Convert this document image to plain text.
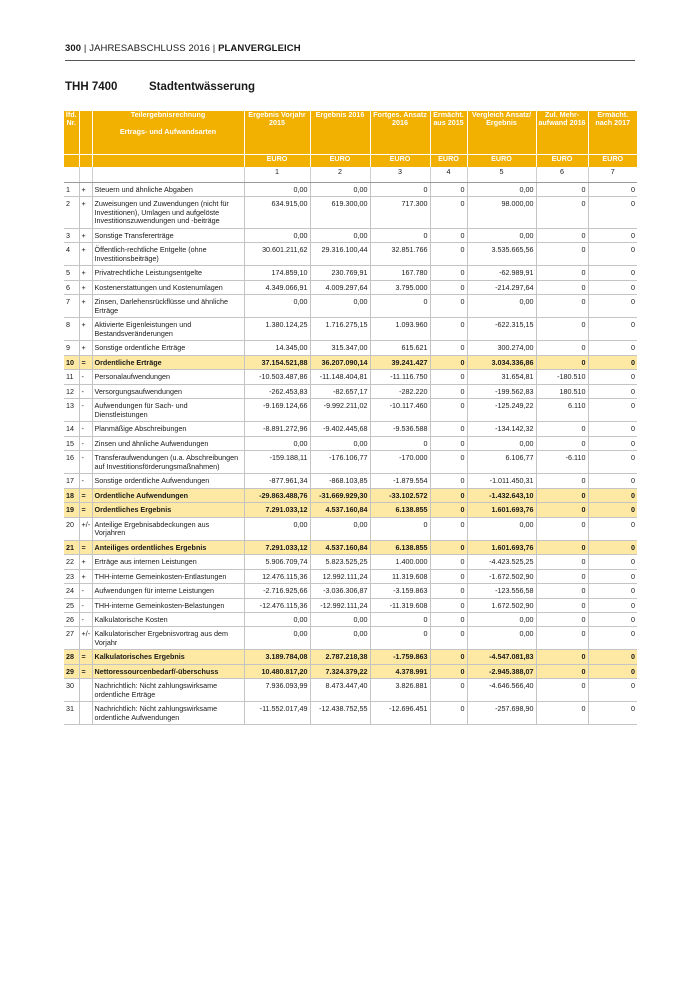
300 | JAHRESABSCHLUSS 2016 | PLANVERGLEICH
THH 7400	Stadtentwässerung
lfd. Nr.		Teilergebnisrechnung

Ertrags- und Aufwandsarten	Ergebnis Vorjahr 2015	Ergebnis 2016	Fortges. Ansatz 2016	Ermächt. aus 2015	Vergleich Ansatz/ Ergebnis	Zul. Mehr-aufwand 2016	Ermächt. nach 2017
			EURO	EURO	EURO	EURO	EURO	EURO	EURO
			1	2	3	4	5	6	7
1	+	Steuern und ähnliche Abgaben	0,00	0,00	0	0	0,00	0	0
2	+	Zuweisungen und Zuwendungen (nicht für Investitionen), Umlagen und aufgelöste Investitionszuwendungen und -beiträge	634.915,00	619.300,00	717.300	0	98.000,00	0	0
3	+	Sonstige Transfererträge	0,00	0,00	0	0	0,00	0	0
4	+	Öffentlich-rechtliche Entgelte (ohne Investitionsbeiträge)	30.601.211,62	29.316.100,44	32.851.766	0	3.535.665,56	0	0
5	+	Privatrechtliche Leistungsentgelte	174.859,10	230.769,91	167.780	0	-62.989,91	0	0
6	+	Kostenerstattungen und Kostenumlagen	4.349.066,91	4.009.297,64	3.795.000	0	-214.297,64	0	0
7	+	Zinsen, Darlehensrückflüsse und ähnliche Erträge	0,00	0,00	0	0	0,00	0	0
8	+	Aktivierte Eigenleistungen und Bestandsveränderungen	1.380.124,25	1.716.275,15	1.093.960	0	-622.315,15	0	0
9	+	Sonstige ordentliche Erträge	14.345,00	315.347,00	615.621	0	300.274,00	0	0
10	=	Ordentliche Erträge	37.154.521,88	36.207.090,14	39.241.427	0	3.034.336,86	0	0
11	-	Personalaufwendungen	-10.503.487,86	-11.148.404,81	-11.116.750	0	31.654,81	-180.510	0
12	-	Versorgungsaufwendungen	-262.453,83	-82.657,17	-282.220	0	-199.562,83	180.510	0
13	-	Aufwendungen für Sach- und Dienstleistungen	-9.169.124,66	-9.992.211,02	-10.117.460	0	-125.249,22	6.110	0
14	-	Planmäßige Abschreibungen	-8.891.272,96	-9.402.445,68	-9.536.588	0	-134.142,32	0	0
15	-	Zinsen und ähnliche Aufwendungen	0,00	0,00	0	0	0,00	0	0
16	-	Transferaufwendungen (u.a. Abschreibungen auf Investitionsförderungsmaßnahmen)	-159.188,11	-176.106,77	-170.000	0	6.106,77	-6.110	0
17	-	Sonstige ordentliche Aufwendungen	-877.961,34	-868.103,85	-1.879.554	0	-1.011.450,31	0	0
18	=	Ordentliche Aufwendungen	-29.863.488,76	-31.669.929,30	-33.102.572	0	-1.432.643,10	0	0
19	=	Ordentliches Ergebnis	7.291.033,12	4.537.160,84	6.138.855	0	1.601.693,76	0	0
20	+/-	Anteilige Ergebnisabdeckungen aus Vorjahren	0,00	0,00	0	0	0,00	0	0
21	=	Anteiliges ordentliches Ergebnis	7.291.033,12	4.537.160,84	6.138.855	0	1.601.693,76	0	0
22	+	Erträge aus internen Leistungen	5.906.709,74	5.823.525,25	1.400.000	0	-4.423.525,25	0	0
23	+	THH-interne Gemeinkosten-Entlastungen	12.476.115,36	12.992.111,24	11.319.608	0	-1.672.502,90	0	0
24	-	Aufwendungen für interne Leistungen	-2.716.925,66	-3.036.306,87	-3.159.863	0	-123.556,58	0	0
25	-	THH-interne Gemeinkosten-Belastungen	-12.476.115,36	-12.992.111,24	-11.319.608	0	1.672.502,90	0	0
26	-	Kalkulatorische Kosten	0,00	0,00	0	0	0,00	0	0
27	+/-	Kalkulatorischer Ergebnisvortrag aus dem Vorjahr	0,00	0,00	0	0	0,00	0	0
28	=	Kalkulatorisches Ergebnis	3.189.784,08	2.787.218,38	-1.759.863	0	-4.547.081,83	0	0
29	=	Nettoressourcenbedarf/-überschuss	10.480.817,20	7.324.379,22	4.378.991	0	-2.945.388,07	0	0
30		Nachrichtlich: Nicht zahlungswirksame ordentliche Erträge	7.936.093,99	8.473.447,40	3.826.881	0	-4.646.566,40	0	0
31		Nachrichtlich: Nicht zahlungswirksame ordentliche Aufwendungen	-11.552.017,49	-12.438.752,55	-12.696.451	0	-257.698,90	0	0
